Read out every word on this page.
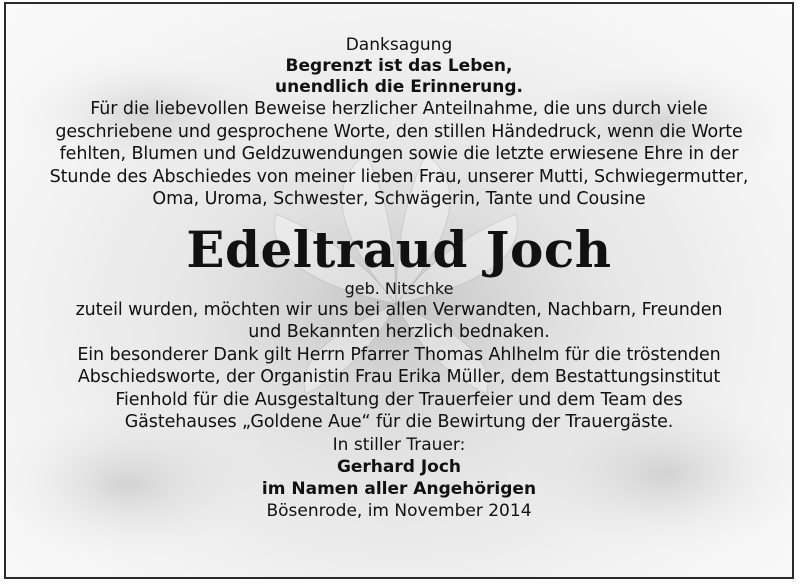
Danksagung
Begrenzt ist das Leben,
unendlich die Erinnerung.
Für die liebevollen Beweise herzlicher Anteilnahme, die uns durch viele
geschriebene und gesprochene Worte, den stillen Händedruck, wenn die Worte
fehlten, Blumen und Geldzuwendungen sowie die letzte erwiesene Ehre in der
Stunde des Abschiedes von meiner lieben Frau, unserer Mutti, Schwiegermutter,
Oma, Uroma, Schwester, Schwägerin, Tante und Cousine
Edeltraud Joch
geb. Nitschke
zuteil wurden, möchten wir uns bei allen Verwandten, Nachbarn, Freunden
und Bekannten herzlich bednaken.
Ein besonderer Dank gilt Herrn Pfarrer Thomas Ahlhelm für die tröstenden
Abschiedsworte, der Organistin Frau Erika Müller, dem Bestattungsinstitut
Fienhold für die Ausgestaltung der Trauerfeier und dem Team des
Gästehauses „Goldene Aue“ für die Bewirtung der Trauergäste.
In stiller Trauer:
Gerhard Joch
im Namen aller Angehörigen
Bösenrode, im November 2014
